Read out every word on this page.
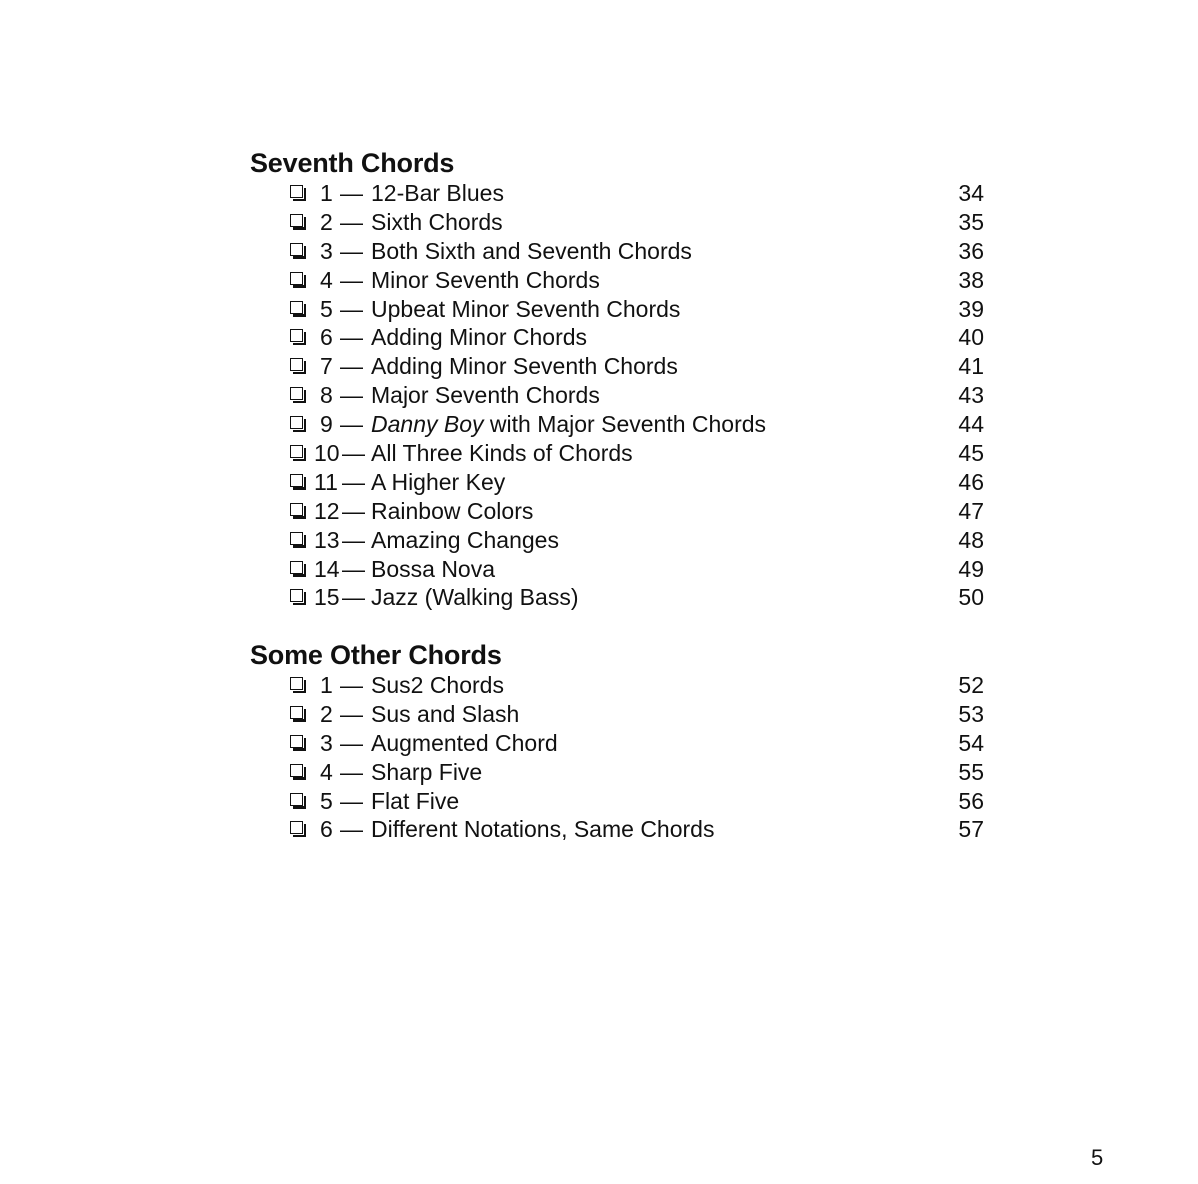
Seventh Chords
1 — 12-Bar Blues	34
2 — Sixth Chords	35
3 — Both Sixth and Seventh Chords	36
4 — Minor Seventh Chords	38
5 — Upbeat Minor Seventh Chords	39
6 — Adding Minor Chords	40
7 — Adding Minor Seventh Chords	41
8 — Major Seventh Chords	43
9 — Danny Boy with Major Seventh Chords	44
10 — All Three Kinds of Chords	45
11 — A Higher Key	46
12 — Rainbow Colors	47
13 — Amazing Changes	48
14 — Bossa Nova	49
15 — Jazz (Walking Bass)	50
Some Other Chords
1 — Sus2 Chords	52
2 — Sus and Slash	53
3 — Augmented Chord	54
4 — Sharp Five	55
5 — Flat Five	56
6 — Different Notations, Same Chords	57
5
